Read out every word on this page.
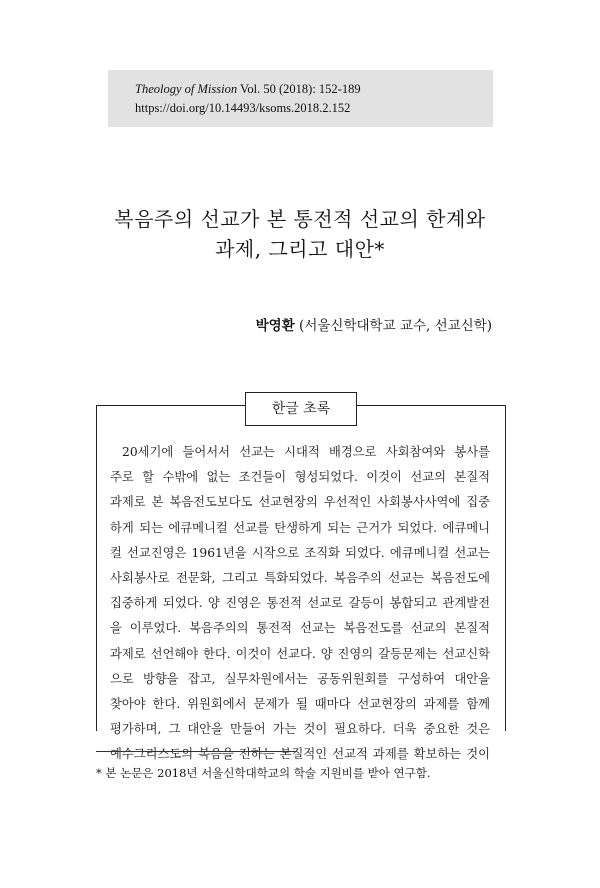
Theology of Mission Vol. 50 (2018): 152-189
https://doi.org/10.14493/ksoms.2018.2.152
복음주의 선교가 본 통전적 선교의 한계와
과제, 그리고 대안*
박영환 (서울신학대학교 교수, 선교신학)
한글 초록
20세기에 들어서서 선교는 시대적 배경으로 사회참여와 봉사를
주로 할 수밖에 없는 조건들이 형성되었다. 이것이 선교의 본질적
과제로 본 복음전도보다도 선교현장의 우선적인 사회봉사사역에 집중
하게 되는 에큐메니컬 선교를 탄생하게 되는 근거가 되었다. 에큐메니
컬 선교진영은 1961년을 시작으로 조직화 되었다. 에큐메니컬 선교는
사회봉사로 전문화, 그리고 특화되었다. 복음주의 선교는 복음전도에
집중하게 되었다. 양 진영은 통전적 선교로 갈등이 봉합되고 관계발전
을 이루었다. 복음주의의 통전적 선교는 복음전도를 선교의 본질적
과제로 선언해야 한다. 이것이 선교다. 양 진영의 갈등문제는 선교신학
으로 방향을 잡고, 실무차원에서는 공동위원회를 구성하여 대안을
찾아야 한다. 위원회에서 문제가 될 때마다 선교현장의 과제를 함께
평가하며, 그 대안을 만들어 가는 것이 필요하다. 더욱 중요한 것은
예수그리스도의 복음을 전하는 본질적인 선교적 과제를 확보하는 것이
* 본 논문은 2018년 서울신학대학교의 학술 지원비를 받아 연구함.
